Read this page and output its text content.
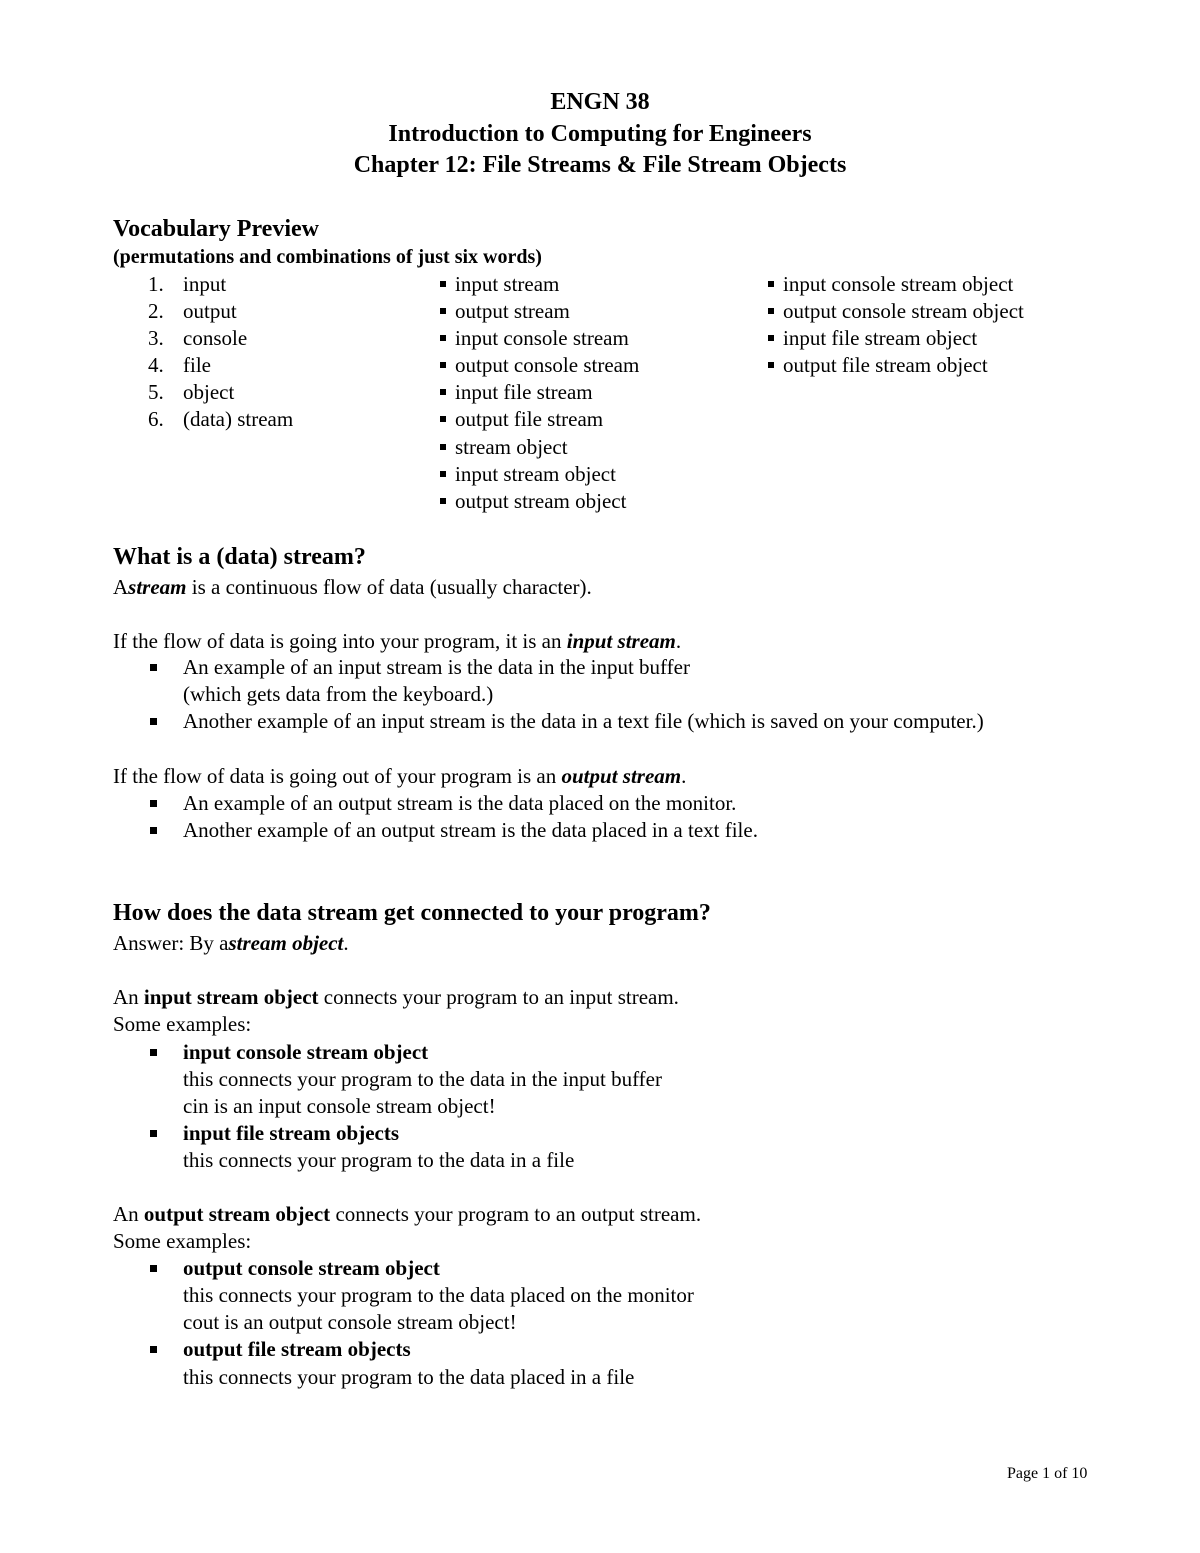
ENGN 38
Introduction to Computing for Engineers
Chapter 12: File Streams & File Stream Objects
Vocabulary Preview
(permutations and combinations of just six words)
1. input
2. output
3. console
4. file
5. object
6. (data) stream
input stream
output stream
input console stream
output console stream
input file stream
output file stream
stream object
input stream object
output stream object
input console stream object
output console stream object
input file stream object
output file stream object
What is a (data) stream?
Astream is a continuous flow of data (usually character).
If the flow of data is going into your program, it is an input stream.
An example of an input stream is the data in the input buffer
(which gets data from the keyboard.)
Another example of an input stream is the data in a text file (which is saved on your computer.)
If the flow of data is going out of your program is an output stream.
An example of an output stream is the data placed on the monitor.
Another example of an output stream is the data placed in a text file.
How does the data stream get connected to your program?
Answer: By astream object.
An input stream object connects your program to an input stream.
Some examples:
input console stream object
this connects your program to the data in the input buffer
cin is an input console stream object!
input file stream objects
this connects your program to the data in a file
An output stream object connects your program to an output stream.
Some examples:
output console stream object
this connects your program to the data placed on the monitor
cout is an output console stream object!
output file stream objects
this connects your program to the data placed in a file
Page 1 of 10
